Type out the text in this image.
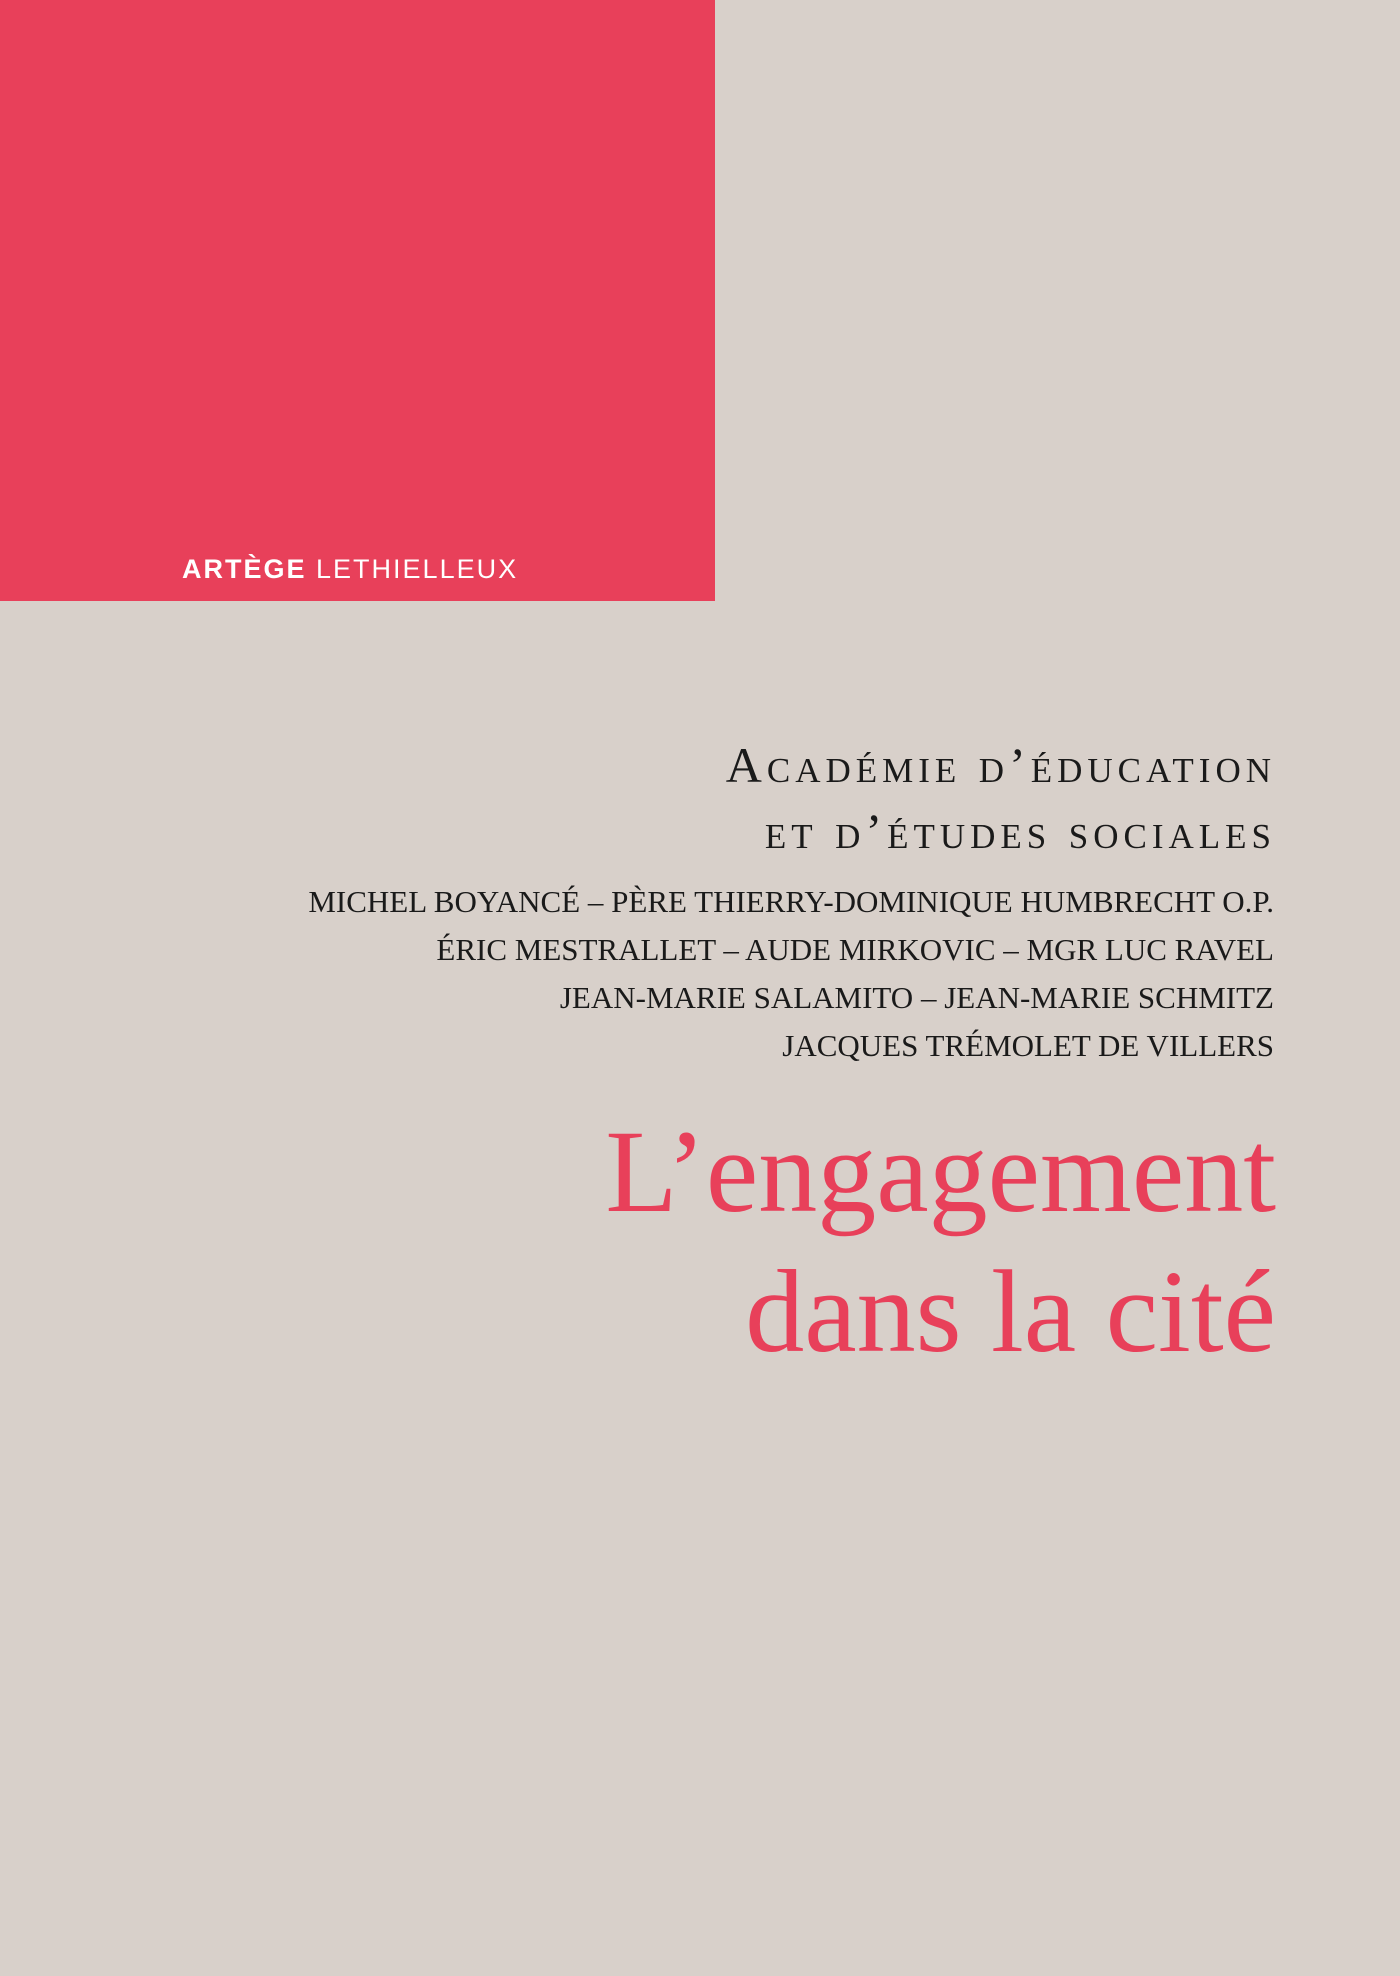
ARTÈGE LETHIELLEUX
Académie d’éducation
et d’études sociales
MICHEL BOYANCÉ – PÈRE THIERRY-DOMINIQUE HUMBRECHT O.P.
ÉRIC MESTRALLET – AUDE MIRKOVIC – MGR LUC RAVEL
JEAN-MARIE SALAMITO – JEAN-MARIE SCHMITZ
JACQUES TRÉMOLET DE VILLERS
L’engagement
dans la cité
